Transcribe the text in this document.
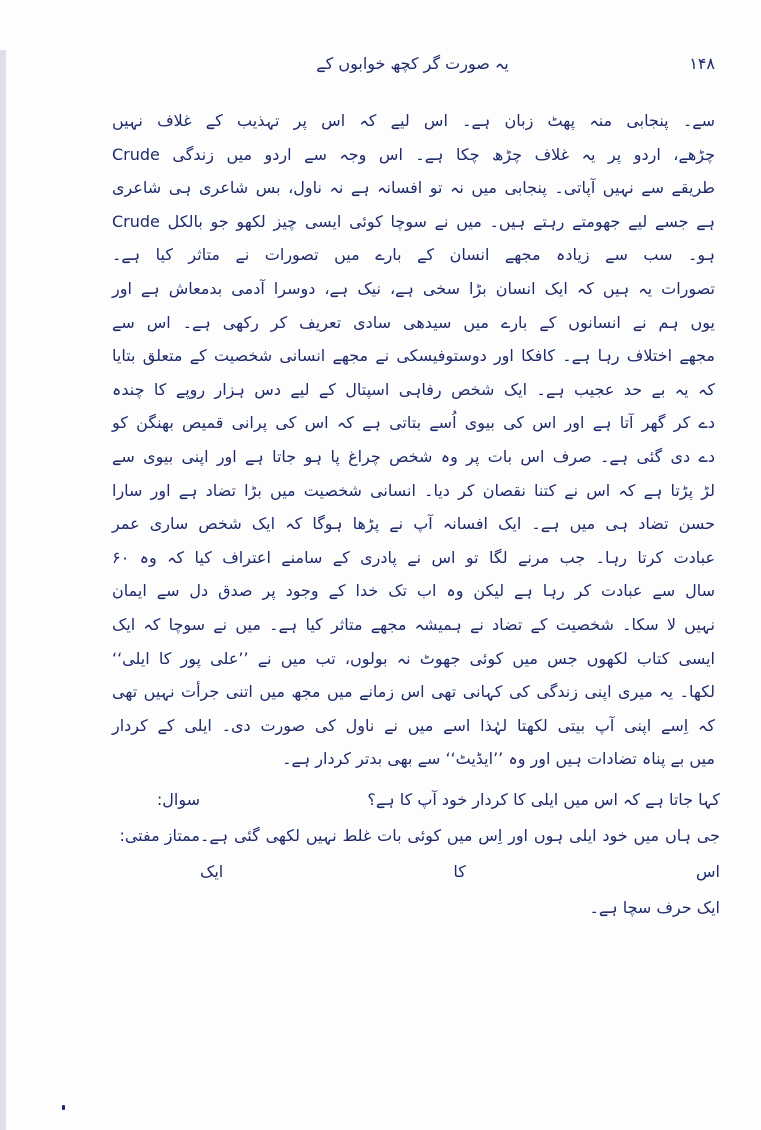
یہ صورت گر کچھ خوابوں کے	۱۴۸
سے۔ پنجابی منہ پھٹ زبان ہے۔ اس لیے کہ اس پر تہذیب کے غلاف نہیں
چڑھے، اردو پر یہ غلاف چڑھ چکا ہے۔ اس وجہ سے اردو میں زندگی Crude
طریقے سے نہیں آپاتی۔ پنجابی میں نہ تو افسانہ ہے نہ ناول، بس شاعری ہی شاعری
ہے جسے لیے جھومتے رہتے ہیں۔ میں نے سوچا کوئی ایسی چیز لکھو جو بالکل Crude
ہو۔ سب سے زیادہ مجھے انسان کے بارے میں تصورات نے متاثر کیا ہے۔
تصورات یہ ہیں کہ ایک انسان بڑا سخی ہے، نیک ہے، دوسرا آدمی بدمعاش ہے اور
یوں ہم نے انسانوں کے بارے میں سیدھی سادی تعریف کر رکھی ہے۔ اس سے
مجھے اختلاف رہا ہے۔ کافکا اور دوستوفیسکی نے مجھے انسانی شخصیت کے متعلق بتایا
کہ یہ بے حد عجیب ہے۔ ایک شخص رفاہی اسپتال کے لیے دس ہزار روپے کا چندہ
دے کر گھر آتا ہے اور اس کی بیوی اُسے بتاتی ہے کہ اس کی پرانی قمیص بھنگن کو
دے دی گئی ہے۔ صرف اس بات پر وہ شخص چراغ پا ہو جاتا ہے اور اپنی بیوی سے
لڑ پڑتا ہے کہ اس نے کتنا نقصان کر دیا۔ انسانی شخصیت میں بڑا تضاد ہے اور سارا
حسن تضاد ہی میں ہے۔ ایک افسانہ آپ نے پڑھا ہوگا کہ ایک شخص ساری عمر
عبادت کرتا رہا۔ جب مرنے لگا تو اس نے پادری کے سامنے اعتراف کیا کہ وہ ۶۰
سال سے عبادت کر رہا ہے لیکن وہ اب تک خدا کے وجود پر صدق دل سے ایمان
نہیں لا سکا۔ شخصیت کے تضاد نے ہمیشہ مجھے متاثر کیا ہے۔ میں نے سوچا کہ ایک
ایسی کتاب لکھوں جس میں کوئی جھوٹ نہ بولوں، تب میں نے ’’علی پور کا ایلی‘‘
لکھا۔ یہ میری اپنی زندگی کی کہانی تھی اس زمانے میں مجھ میں اتنی جرأت نہیں تھی
کہ اِسے اپنی آپ بیتی لکھتا لہٰذا اسے میں نے ناول کی صورت دی۔ ایلی کے کردار
میں بے پناہ تضادات ہیں اور وہ ’’ایڈیٹ‘‘ سے بھی بدتر کردار ہے۔
سوال:	کہا جاتا ہے کہ اس میں ایلی کا کردار خود آپ کا ہے؟
ممتاز مفتی: جی ہاں میں خود ایلی ہوں اور اِس میں کوئی بات غلط نہیں لکھی گئی ہے۔ اس کا ایک
ایک حرف سچا ہے۔
